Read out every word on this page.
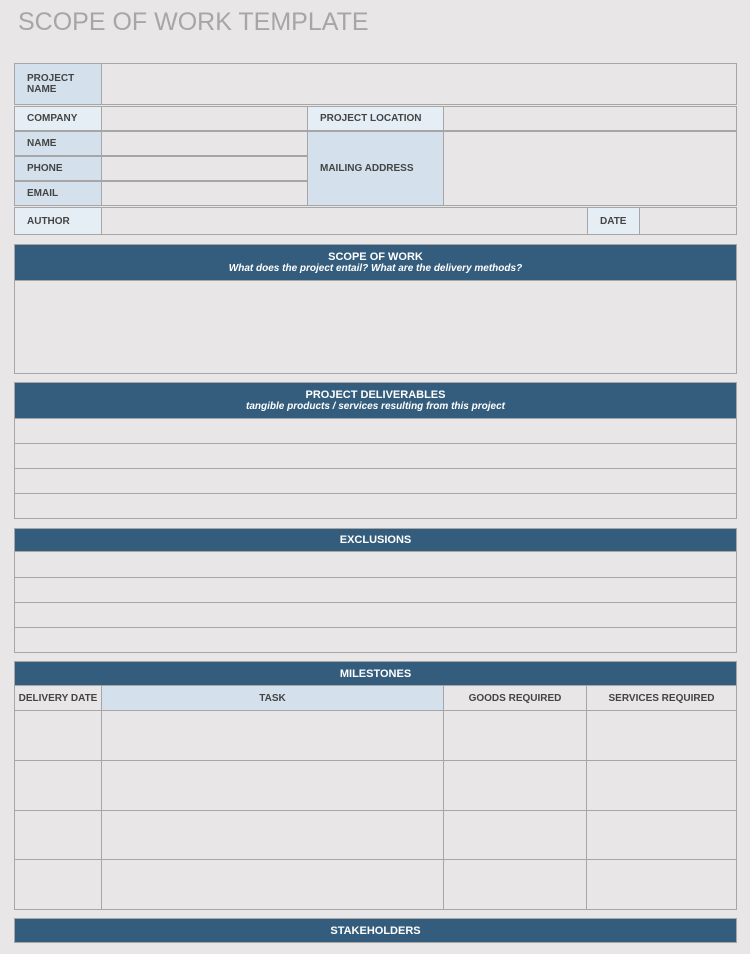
SCOPE OF WORK TEMPLATE
PROJECT NAME
COMPANY	PROJECT LOCATION
NAME
PHONE
EMAIL
MAILING ADDRESS
AUTHOR	DATE
SCOPE OF WORK
What does the project entail? What are the delivery methods?
PROJECT DELIVERABLES
tangible products / services resulting from this project
EXCLUSIONS
MILESTONES
DELIVERY DATE	TASK	GOODS REQUIRED	SERVICES REQUIRED
STAKEHOLDERS
